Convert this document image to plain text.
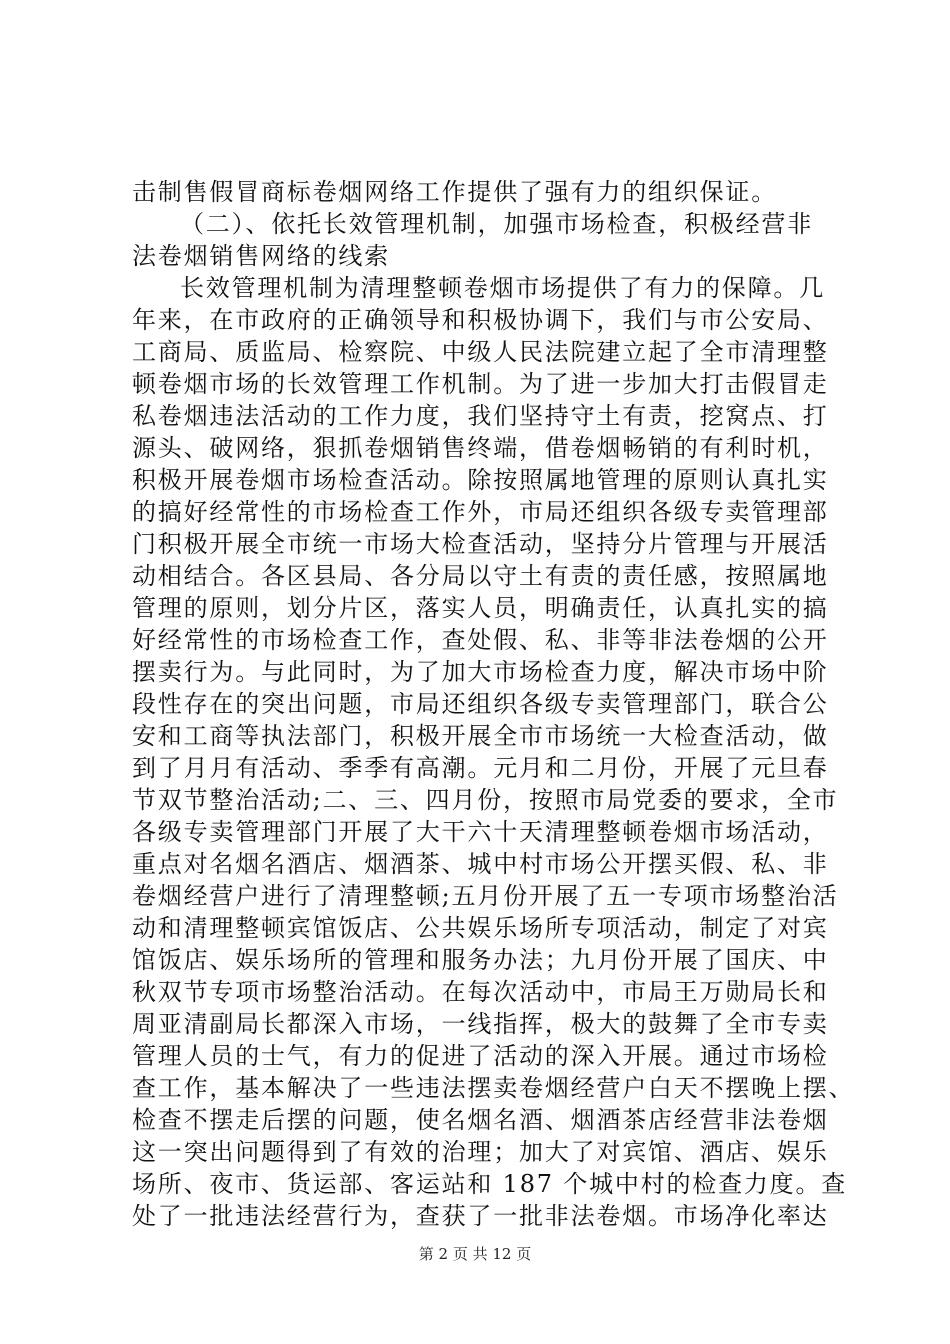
击制售假冒商标卷烟网络工作提供了强有力的组织保证。
（二）、依托长效管理机制，加强市场检查，积极经营非
法卷烟销售网络的线索
长效管理机制为清理整顿卷烟市场提供了有力的保障。几
年来，在市政府的正确领导和积极协调下，我们与市公安局、
工商局、质监局、检察院、中级人民法院建立起了全市清理整
顿卷烟市场的长效管理工作机制。为了进一步加大打击假冒走
私卷烟违法活动的工作力度，我们坚持守土有责，挖窝点、打
源头、破网络，狠抓卷烟销售终端，借卷烟畅销的有利时机，
积极开展卷烟市场检查活动。除按照属地管理的原则认真扎实
的搞好经常性的市场检查工作外，市局还组织各级专卖管理部
门积极开展全市统一市场大检查活动，坚持分片管理与开展活
动相结合。各区县局、各分局以守土有责的责任感，按照属地
管理的原则，划分片区，落实人员，明确责任，认真扎实的搞
好经常性的市场检查工作，查处假、私、非等非法卷烟的公开
摆卖行为。与此同时，为了加大市场检查力度，解决市场中阶
段性存在的突出问题，市局还组织各级专卖管理部门，联合公
安和工商等执法部门，积极开展全市市场统一大检查活动，做
到了月月有活动、季季有高潮。元月和二月份，开展了元旦春
节双节整治活动;二、三、四月份，按照市局党委的要求，全市
各级专卖管理部门开展了大干六十天清理整顿卷烟市场活动，
重点对名烟名酒店、烟酒茶、城中村市场公开摆买假、私、非
卷烟经营户进行了清理整顿;五月份开展了五一专项市场整治活
动和清理整顿宾馆饭店、公共娱乐场所专项活动，制定了对宾
馆饭店、娱乐场所的管理和服务办法；九月份开展了国庆、中
秋双节专项市场整治活动。在每次活动中，市局王万勋局长和
周亚清副局长都深入市场，一线指挥，极大的鼓舞了全市专卖
管理人员的士气，有力的促进了活动的深入开展。通过市场检
查工作，基本解决了一些违法摆卖卷烟经营户白天不摆晚上摆、
检查不摆走后摆的问题，使名烟名酒、烟酒茶店经营非法卷烟
这一突出问题得到了有效的治理；加大了对宾馆、酒店、娱乐
场所、夜市、货运部、客运站和 187 个城中村的检查力度。查
处了一批违法经营行为，查获了一批非法卷烟。市场净化率达
第 2 页 共 12 页
